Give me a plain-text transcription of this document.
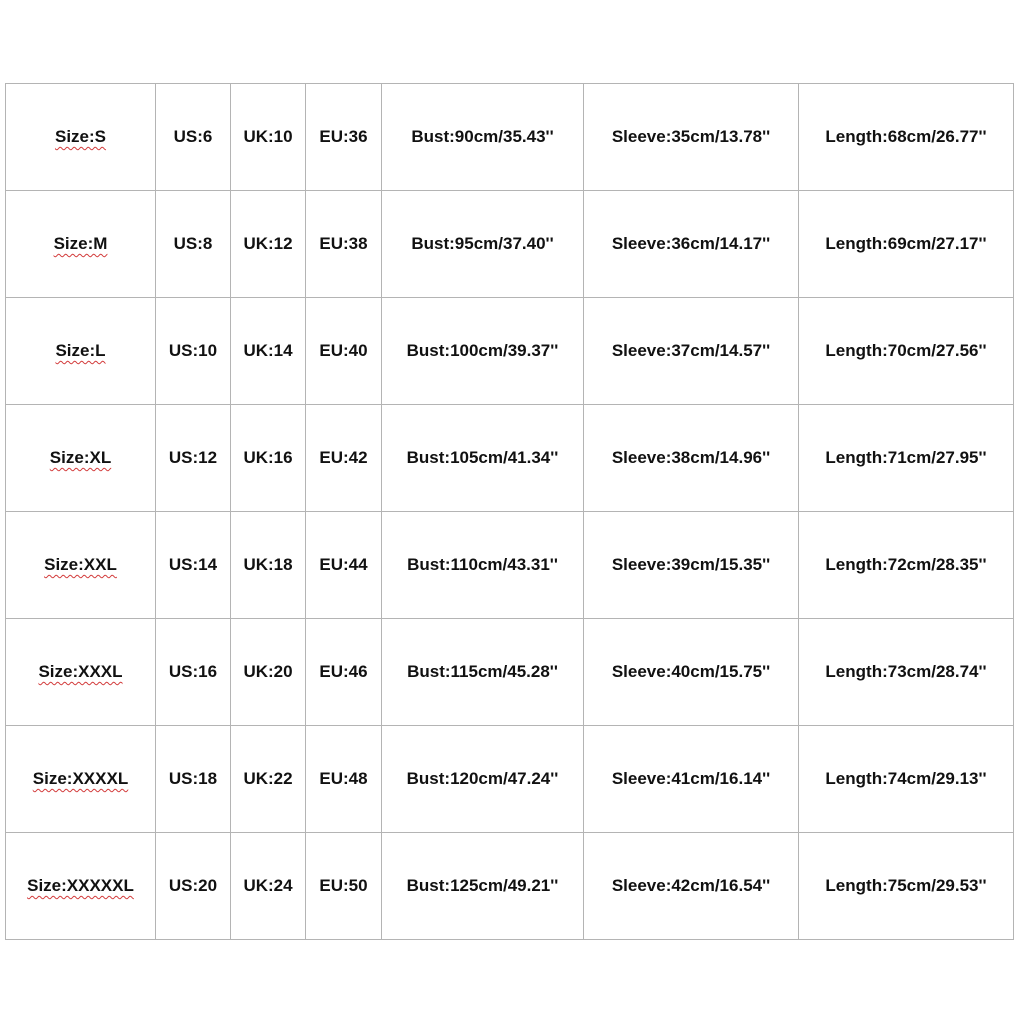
Size:S	US:6	UK:10	EU:36	Bust:90cm/35.43''	Sleeve:35cm/13.78''	Length:68cm/26.77''
Size:M	US:8	UK:12	EU:38	Bust:95cm/37.40''	Sleeve:36cm/14.17''	Length:69cm/27.17''
Size:L	US:10	UK:14	EU:40	Bust:100cm/39.37''	Sleeve:37cm/14.57''	Length:70cm/27.56''
Size:XL	US:12	UK:16	EU:42	Bust:105cm/41.34''	Sleeve:38cm/14.96''	Length:71cm/27.95''
Size:XXL	US:14	UK:18	EU:44	Bust:110cm/43.31''	Sleeve:39cm/15.35''	Length:72cm/28.35''
Size:XXXL	US:16	UK:20	EU:46	Bust:115cm/45.28''	Sleeve:40cm/15.75''	Length:73cm/28.74''
Size:XXXXL	US:18	UK:22	EU:48	Bust:120cm/47.24''	Sleeve:41cm/16.14''	Length:74cm/29.13''
Size:XXXXXL	US:20	UK:24	EU:50	Bust:125cm/49.21''	Sleeve:42cm/16.54''	Length:75cm/29.53''
